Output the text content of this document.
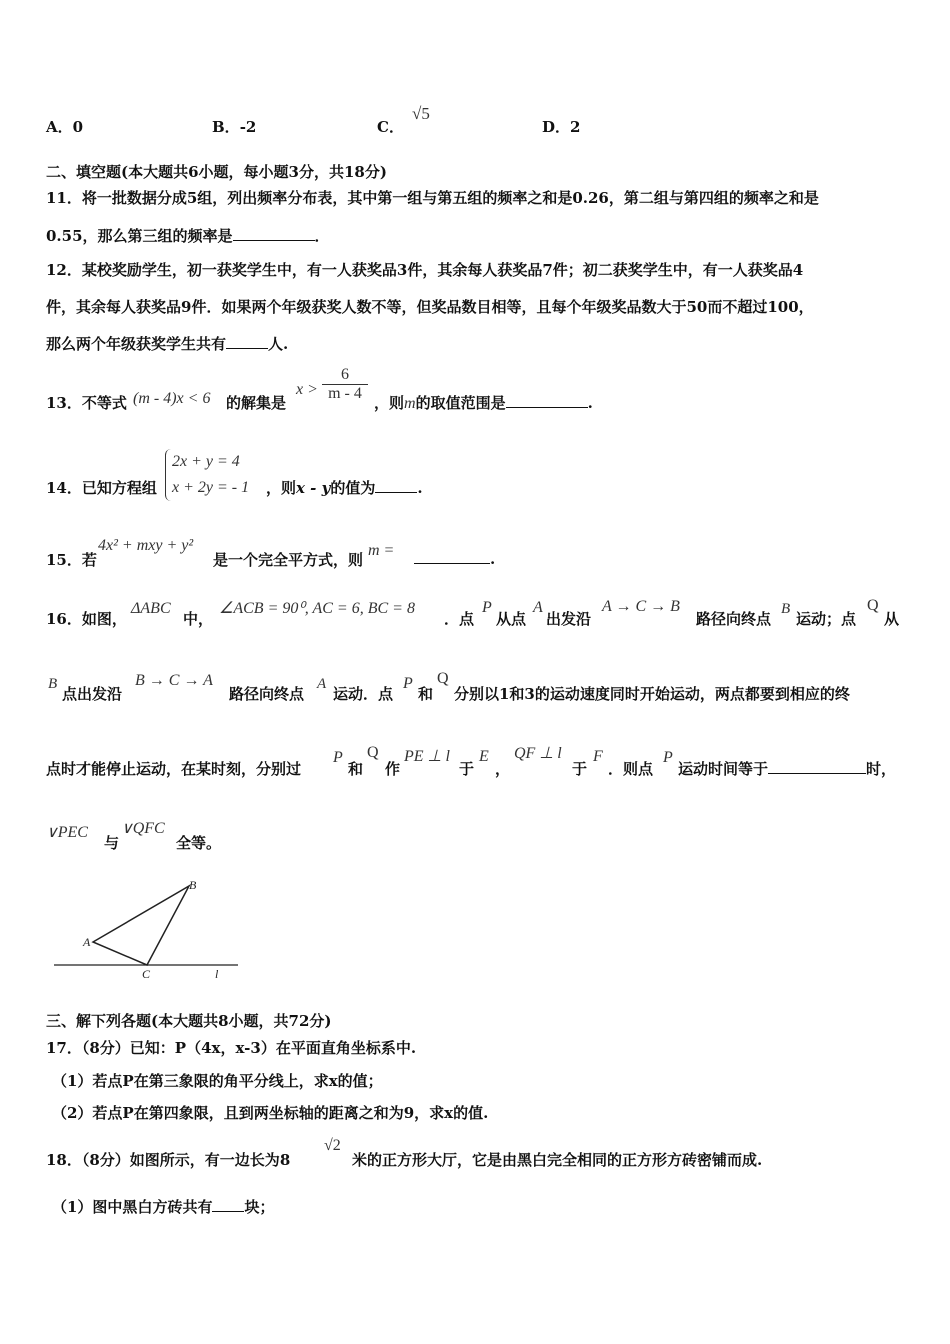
A．0	B．-2	C．
√5
D．2
二、填空题(本大题共6小题，每小题3分，共18分)
11．将一批数据分成5组，列出频率分布表，其中第一组与第五组的频率之和是0.26，第二组与第四组的频率之和是
0.55，那么第三组的频率是	．
12．某校奖励学生，初一获奖学生中，有一人获奖品3件，其余每人获奖品7件；初二获奖学生中，有一人获奖品4
件，其余每人获奖品9件．如果两个年级获奖人数不等，但奖品数目相等，且每个年级奖品数大于50而不超过100，
那么两个年级获奖学生共有	人.
13．不等式 (m - 4)x < 6 的解集是
$x > \frac{6}{m - 4}$ ，则m的取值范围是	.
14．已知方程组
2x + y = 4
x + 2y = - 1 ，则x - y的值为	.
15．若
4x² + mxy + y²
是一个完全平方式，则
m =	.
16．如图，
ΔABC
中，
∠ACB = 90⁰, AC = 6, BC = 8
．点
P
从点
A
出发沿
A → C → B
路径向终点
B
运动；点
Q
从
B
点出发沿
B → C → A
路径向终点
A
运动．点
P
和
Q
分别以1和3的运动速度同时开始运动，两点都要到相应的终
点时才能停止运动，在某时刻，分别过
P
和
Q
作
PE ⊥ l
于
E
，
QF ⊥ l
于
F
．则点
P
运动时间等于	时，
∨PEC
与
∨QFC
全等。
A
B
C	l
三、解下列各题(本大题共8小题，共72分)
17．（8分）已知：P（4x，x-3）在平面直角坐标系中.
（1）若点P在第三象限的角平分线上，求x的值；
（2）若点P在第四象限，且到两坐标轴的距离之和为9，求x的值.
18．（8分）如图所示，有一边长为8
√2
米的正方形大厅，它是由黑白完全相同的正方形方砖密铺而成.
（1）图中黑白方砖共有 块；
